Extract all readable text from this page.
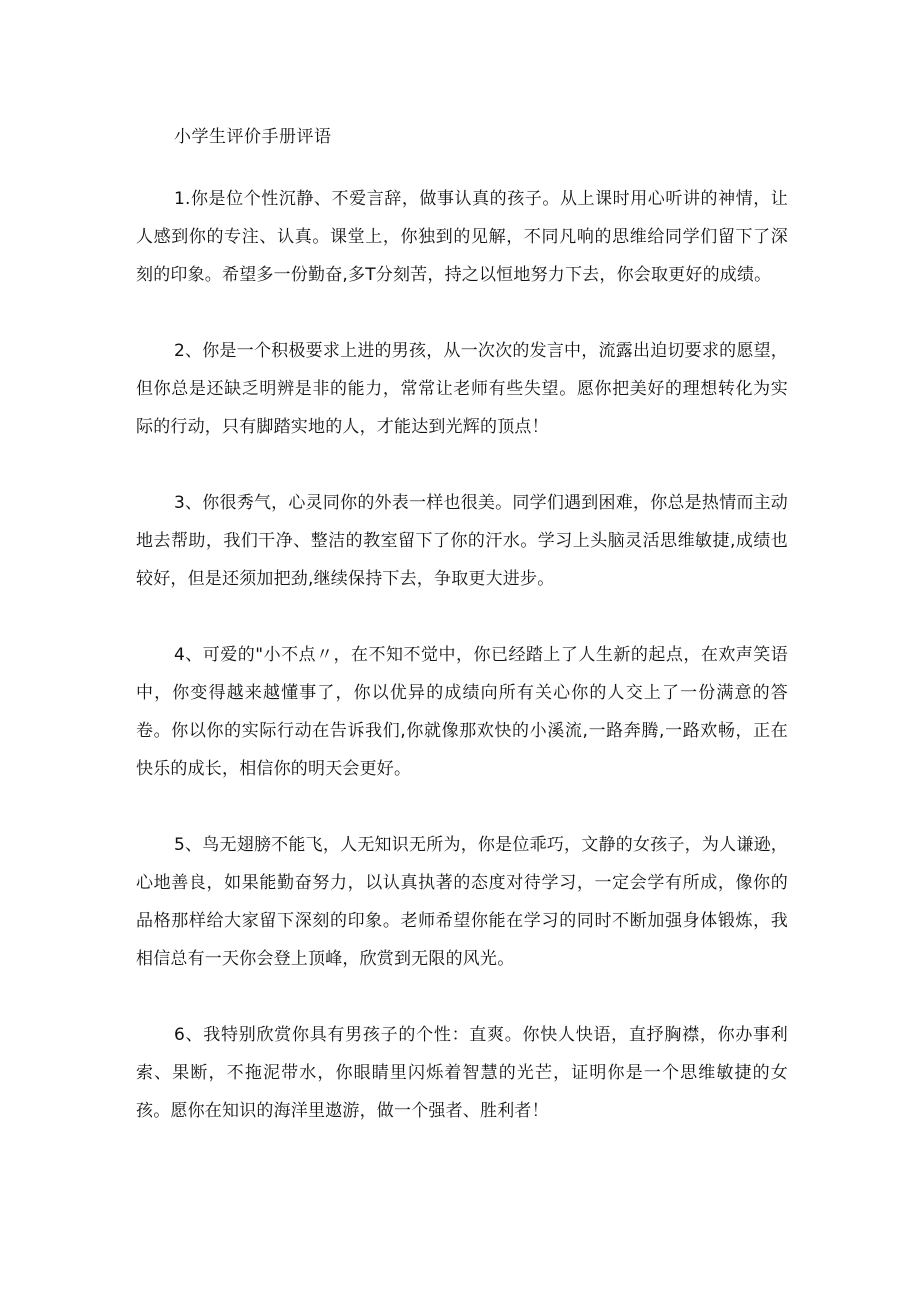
小学生评价手册评语

1.你是位个性沉静、不爱言辞，做事认真的孩子。从上课时用心听讲的神情，让人感到你的专注、认真。课堂上，你独到的见解，不同凡响的思维给同学们留下了深刻的印象。希望多一份勤奋,多T分刻苦，持之以恒地努力下去，你会取更好的成绩。

2、你是一个积极要求上进的男孩，从一次次的发言中，流露出迫切要求的愿望，但你总是还缺乏明辨是非的能力，常常让老师有些失望。愿你把美好的理想转化为实际的行动，只有脚踏实地的人，才能达到光辉的顶点！

3、你很秀气，心灵同你的外表一样也很美。同学们遇到困难，你总是热情而主动地去帮助，我们干净、整洁的教室留下了你的汗水。学习上头脑灵活思维敏捷,成绩也较好，但是还须加把劲,继续保持下去，争取更大进步。

4、可爱的"小不点〃，在不知不觉中，你已经踏上了人生新的起点，在欢声笑语中，你变得越来越懂事了，你以优异的成绩向所有关心你的人交上了一份满意的答卷。你以你的实际行动在告诉我们,你就像那欢快的小溪流,一路奔腾,一路欢畅，正在快乐的成长，相信你的明天会更好。

5、鸟无翅膀不能飞，人无知识无所为，你是位乖巧，文静的女孩子，为人谦逊，心地善良，如果能勤奋努力，以认真执著的态度对待学习，一定会学有所成，像你的品格那样给大家留下深刻的印象。老师希望你能在学习的同时不断加强身体锻炼，我相信总有一天你会登上顶峰，欣赏到无限的风光。

6、我特别欣赏你具有男孩子的个性：直爽。你快人快语，直抒胸襟，你办事利索、果断，不拖泥带水，你眼睛里闪烁着智慧的光芒，证明你是一个思维敏捷的女孩。愿你在知识的海洋里遨游，做一个强者、胜利者！
